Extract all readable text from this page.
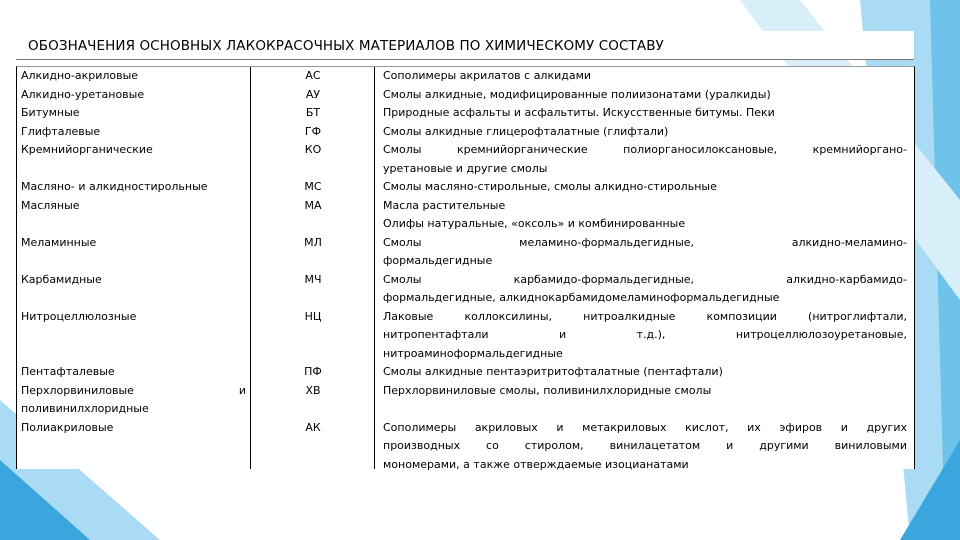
ОБОЗНАЧЕНИЯ ОСНОВНЫХ ЛАКОКРАСОЧНЫХ МАТЕРИАЛОВ ПО ХИМИЧЕСКОМУ СОСТАВУ
Алкидно-акриловые
Алкидно-уретановые
Битумные
Глифталевые
Кремнийорганические
Масляно- и алкидностирольные
Масляные
Меламинные
Карбамидные
Нитроцеллюлозные
Пентафталевые
Перхлорвиниловые	и
поливинилхлоридные
Полиакриловые
АС
АУ
БТ
ГФ
КО
МС
МА
МЛ
МЧ
НЦ
ПФ
ХВ
АК
Сополимеры акрилатов с алкидами
Смолы алкидные, модифицированные полиизонатами (уралкиды)
Природные асфальты и асфальтиты. Искусственные битумы. Пеки
Смолы алкидные глицерофталатные (глифтали)
Смолы кремнийорганические полиорганосилоксановые, кремнийоргано-
уретановые и другие смолы
Смолы масляно-стирольные, смолы алкидно-стирольные
Масла растительные
Олифы натуральные, «оксоль» и комбинированные
Смолы меламино-формальдегидные, алкидно-меламино-
формальдегидные
Смолы карбамидо-формальдегидные, алкидно-карбамидо-
формальдегидные, алкиднокарбамидомеламиноформальдегидные
Лаковые коллоксилины, нитроалкидные композиции (нитроглифтали,
нитропентафтали и т.д.), нитроцеллюлозоуретановые,
нитроаминоформальдегидные
Смолы алкидные пентаэритритофталатные (пентафтали)
Перхлорвиниловые смолы, поливинилхлоридные смолы
Сополимеры акриловых и метакриловых кислот, их эфиров и других
производных со стиролом, винилацетатом и другими виниловыми
мономерами, а также отверждаемые изоцианатами
